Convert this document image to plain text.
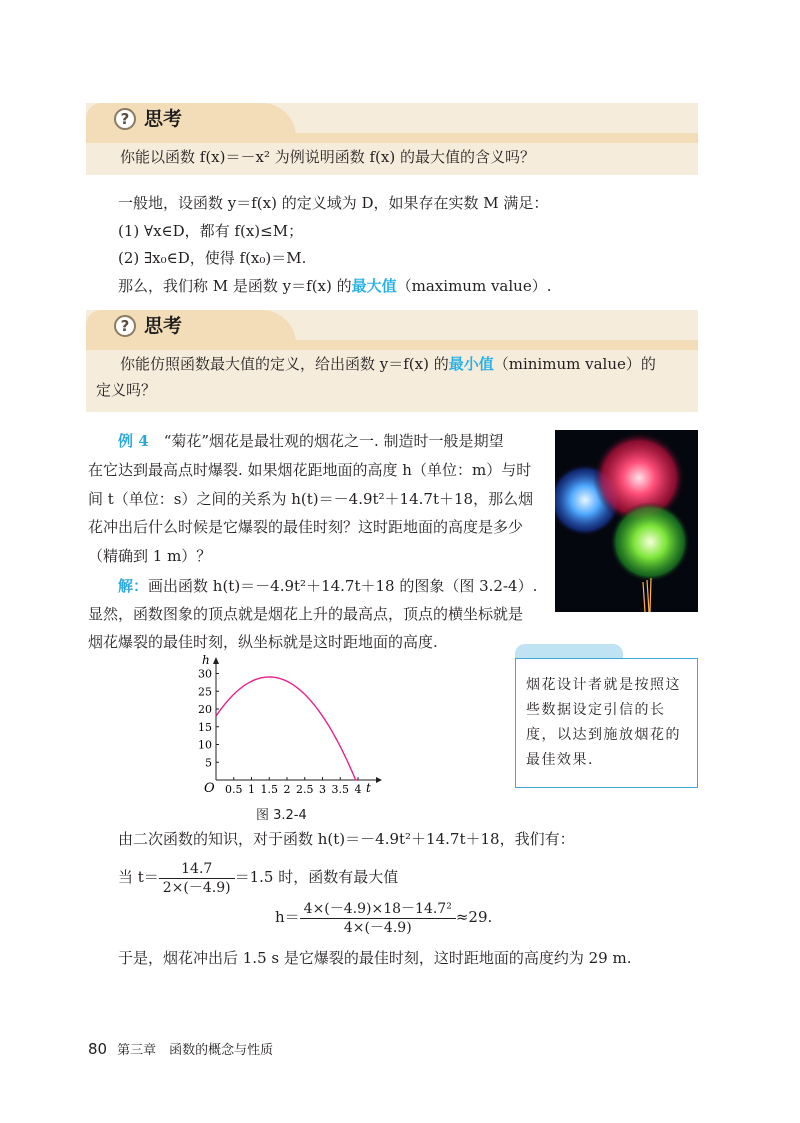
? 思考
你能以函数 f(x)＝－x² 为例说明函数 f(x) 的最大值的含义吗？
一般地，设函数 y＝f(x) 的定义域为 D，如果存在实数 M 满足：
(1) ∀x∈D，都有 f(x)≤M；
(2) ∃x₀∈D，使得 f(x₀)＝M.
那么，我们称 M 是函数 y＝f(x) 的最大值（maximum value）.
? 思考
你能仿照函数最大值的定义，给出函数 y＝f(x) 的最小值（minimum value）的
定义吗？
例 4　 “菊花”烟花是最壮观的烟花之一. 制造时一般是期望
在它达到最高点时爆裂. 如果烟花距地面的高度 h（单位：m）与时
间 t（单位：s）之间的关系为 h(t)＝－4.9t²＋14.7t＋18，那么烟
花冲出后什么时候是它爆裂的最佳时刻？这时距地面的高度是多少
（精确到 1 m）？
解：画出函数 h(t)＝－4.9t²＋14.7t＋18 的图象（图 3.2-4）.
显然，函数图象的顶点就是烟花上升的最高点，顶点的横坐标就是
烟花爆裂的最佳时刻，纵坐标就是这时距地面的高度.
0.5 1 1.5 2 2.5 3 3.5 4
5
10
15
20
25
30
h
t
O
图 3.2-4
烟花设计者就是按照这些数据设定引信的长度，以达到施放烟花的最佳效果.
由二次函数的知识，对于函数 h(t)＝－4.9t²＋14.7t＋18，我们有：
当 $t= \frac{14.7}{2\times(-4.9)} =1.5$ 时，函数有最大值
$h= \frac{\text{4×(－4.9)×18－14.7²}}{4\times(-4.9)} \approx 29$.
于是，烟花冲出后 1.5 s 是它爆裂的最佳时刻，这时距地面的高度约为 29 m.
80 第三章　函数的概念与性质
